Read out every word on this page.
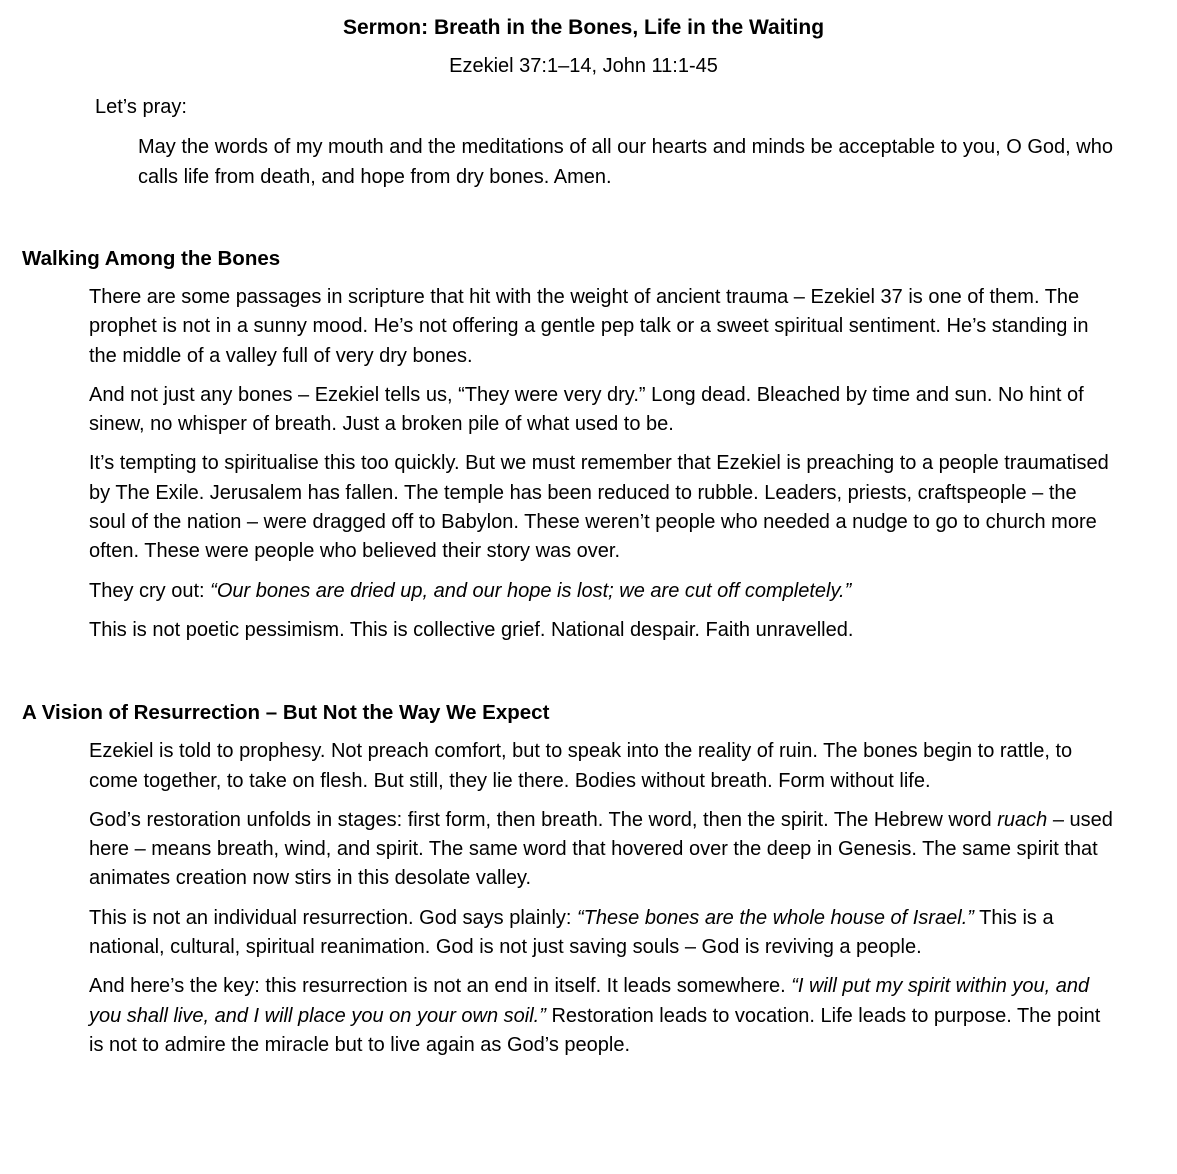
Sermon: Breath in the Bones, Life in the Waiting
Ezekiel 37:1–14, John 11:1-45
Let’s pray:
May the words of my mouth and the meditations of all our hearts and minds be acceptable to you, O God, who calls life from death, and hope from dry bones. Amen.
Walking Among the Bones

There are some passages in scripture that hit with the weight of ancient trauma – Ezekiel 37 is one of them. The prophet is not in a sunny mood. He’s not offering a gentle pep talk or a sweet spiritual sentiment. He’s standing in the middle of a valley full of very dry bones.

And not just any bones – Ezekiel tells us, “They were very dry.” Long dead. Bleached by time and sun. No hint of sinew, no whisper of breath. Just a broken pile of what used to be.

It’s tempting to spiritualise this too quickly. But we must remember that Ezekiel is preaching to a people traumatised by The Exile. Jerusalem has fallen. The temple has been reduced to rubble. Leaders, priests, craftspeople – the soul of the nation – were dragged off to Babylon. These weren’t people who needed a nudge to go to church more often. These were people who believed their story was over.

They cry out: “Our bones are dried up, and our hope is lost; we are cut off completely.”

This is not poetic pessimism. This is collective grief. National despair. Faith unravelled.

A Vision of Resurrection – But Not the Way We Expect

Ezekiel is told to prophesy. Not preach comfort, but to speak into the reality of ruin. The bones begin to rattle, to come together, to take on flesh. But still, they lie there. Bodies without breath. Form without life.

God’s restoration unfolds in stages: first form, then breath. The word, then the spirit. The Hebrew word ruach – used here – means breath, wind, and spirit. The same word that hovered over the deep in Genesis. The same spirit that animates creation now stirs in this desolate valley.

This is not an individual resurrection. God says plainly: “These bones are the whole house of Israel.” This is a national, cultural, spiritual reanimation. God is not just saving souls – God is reviving a people.

And here’s the key: this resurrection is not an end in itself. It leads somewhere. “I will put my spirit within you, and you shall live, and I will place you on your own soil.” Restoration leads to vocation. Life leads to purpose. The point is not to admire the miracle but to live again as God’s people.
